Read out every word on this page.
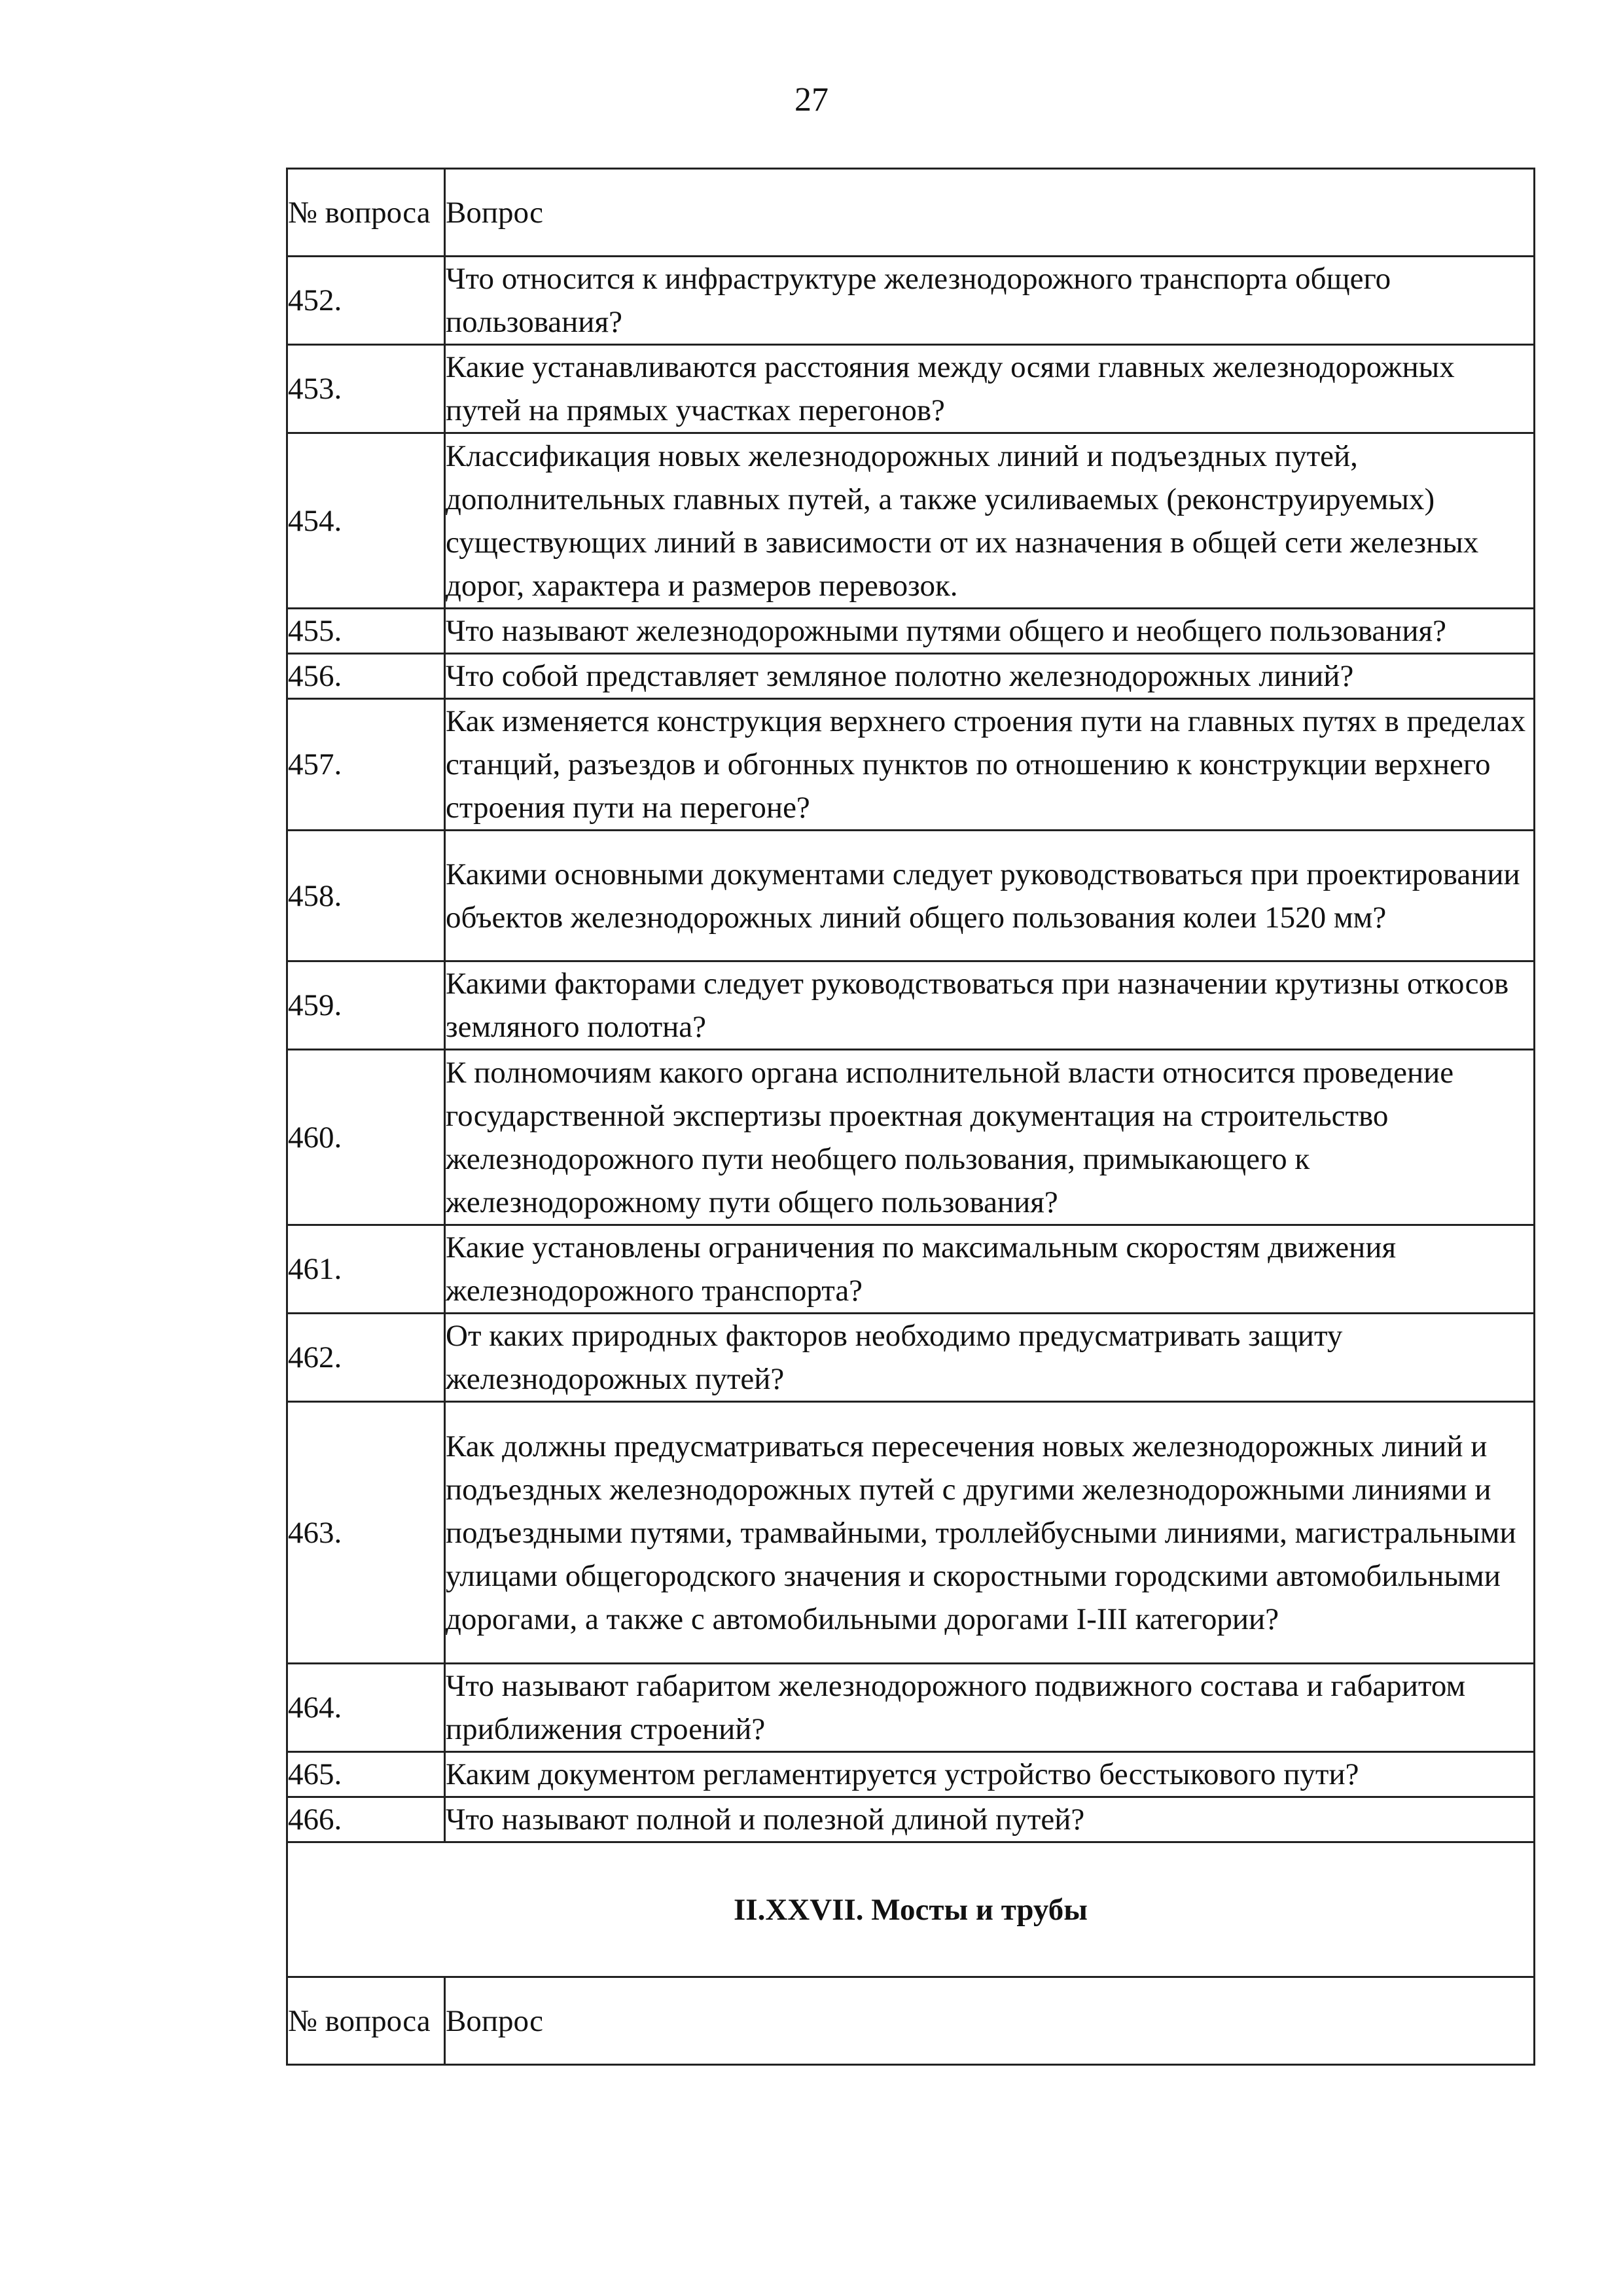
27
№ вопроса	Вопрос
452.	Что относится к инфраструктуре железнодорожного транспорта общего пользования?
453.	Какие устанавливаются расстояния между осями главных железнодорожных путей на прямых участках перегонов?
454.	Классификация новых железнодорожных линий и подъездных путей, дополнительных главных путей, а также усиливаемых (реконструируемых) существующих линий в зависимости от их назначения в общей сети железных дорог, характера и размеров перевозок.
455.	Что называют железнодорожными путями общего и необщего пользования?
456.	Что собой представляет земляное полотно железнодорожных линий?
457.	Как изменяется конструкция верхнего строения пути на главных путях в пределах станций, разъездов и обгонных пунктов по отношению к конструкции верхнего строения пути на перегоне?
458.	Какими основными документами следует руководствоваться при проектировании объектов железнодорожных линий общего пользования колеи 1520 мм?
459.	Какими факторами следует руководствоваться при назначении крутизны откосов земляного полотна?
460.	К полномочиям какого органа исполнительной власти относится проведение государственной экспертизы проектная документация на строительство железнодорожного пути необщего пользования, примыкающего к железнодорожному пути общего пользования?
461.	Какие установлены ограничения по максимальным скоростям движения железнодорожного транспорта?
462.	От каких природных факторов необходимо предусматривать защиту железнодорожных путей?
463.	Как должны предусматриваться пересечения новых железнодорожных линий и подъездных железнодорожных путей с другими железнодорожными линиями и подъездными путями, трамвайными, троллейбусными линиями, магистральными улицами общегородского значения и скоростными городскими автомобильными дорогами, а также с автомобильными дорогами I-III категории?
464.	Что называют габаритом железнодорожного подвижного состава и габаритом приближения строений?
465.	Каким документом регламентируется устройство бесстыкового пути?
466.	Что называют полной и полезной длиной путей?
II.XXVII. Мосты и трубы	
№ вопроса	Вопрос
